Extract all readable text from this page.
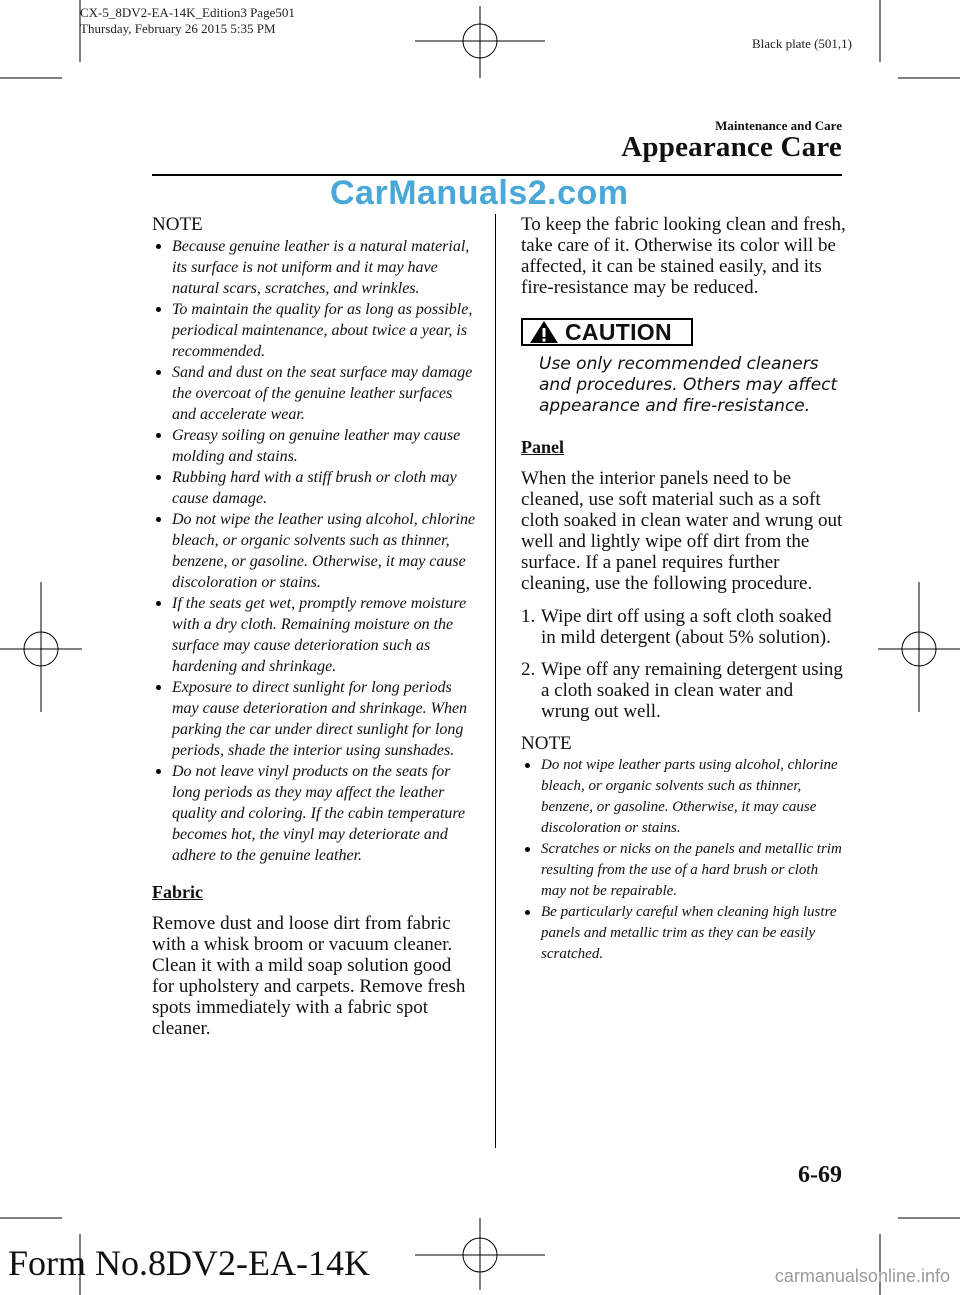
CX-5_8DV2-EA-14K_Edition3 Page501
Thursday, February 26 2015 5:35 PM
Black plate (501,1)
Maintenance and Care
Appearance Care
CarManuals2.com
NOTE
Because genuine leather is a natural material, its surface is not uniform and it may have natural scars, scratches, and wrinkles.
To maintain the quality for as long as possible, periodical maintenance, about twice a year, is recommended.
Sand and dust on the seat surface may damage the overcoat of the genuine leather surfaces and accelerate wear.
Greasy soiling on genuine leather may cause molding and stains.
Rubbing hard with a stiff brush or cloth may cause damage.
Do not wipe the leather using alcohol, chlorine bleach, or organic solvents such as thinner, benzene, or gasoline. Otherwise, it may cause discoloration or stains.
If the seats get wet, promptly remove moisture with a dry cloth. Remaining moisture on the surface may cause deterioration such as hardening and shrinkage.
Exposure to direct sunlight for long periods may cause deterioration and shrinkage. When parking the car under direct sunlight for long periods, shade the interior using sunshades.
Do not leave vinyl products on the seats for long periods as they may affect the leather quality and coloring. If the cabin temperature becomes hot, the vinyl may deteriorate and adhere to the genuine leather.
Fabric
Remove dust and loose dirt from fabric with a whisk broom or vacuum cleaner. Clean it with a mild soap solution good for upholstery and carpets. Remove fresh spots immediately with a fabric spot cleaner.
To keep the fabric looking clean and fresh, take care of it. Otherwise its color will be affected, it can be stained easily, and its fire-resistance may be reduced.
CAUTION
Use only recommended cleaners and procedures. Others may affect appearance and fire-resistance.
Panel
When the interior panels need to be cleaned, use soft material such as a soft cloth soaked in clean water and wrung out well and lightly wipe off dirt from the surface. If a panel requires further cleaning, use the following procedure.
1. Wipe dirt off using a soft cloth soaked in mild detergent (about 5% solution).
2. Wipe off any remaining detergent using a cloth soaked in clean water and wrung out well.
NOTE
Do not wipe leather parts using alcohol, chlorine bleach, or organic solvents such as thinner, benzene, or gasoline. Otherwise, it may cause discoloration or stains.
Scratches or nicks on the panels and metallic trim resulting from the use of a hard brush or cloth may not be repairable.
Be particularly careful when cleaning high lustre panels and metallic trim as they can be easily scratched.
6-69
Form No.8DV2-EA-14K	carmanualsonline.info
